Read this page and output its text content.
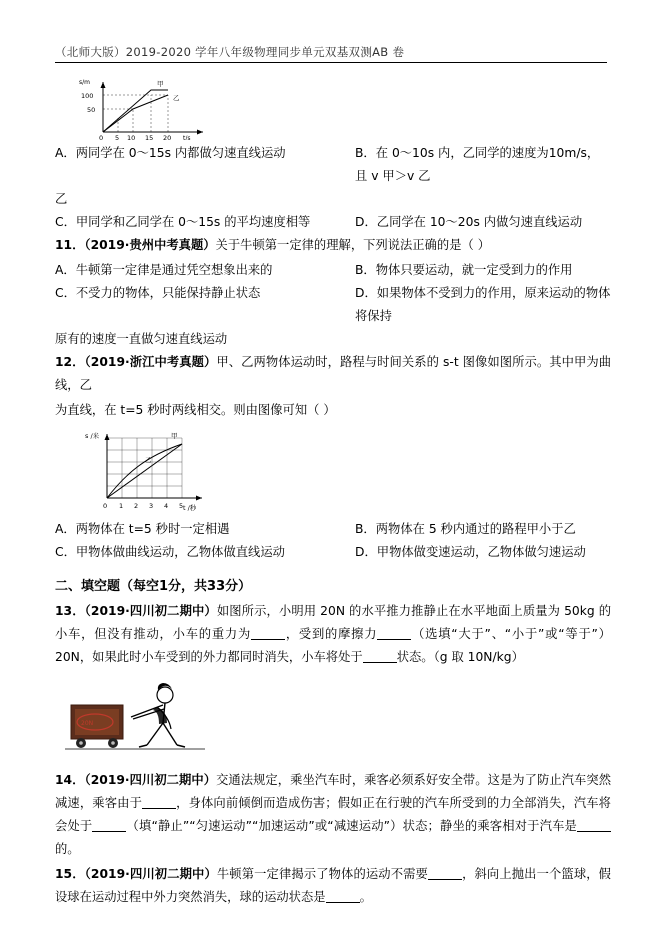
（北师大版）2019-2020 学年八年级物理同步单元双基双测AB 卷
s/m
100
50
0 5 10 15 20 t/s
甲
乙
A．两同学在 0～15s 内都做匀速直线运动	B．在 0～10s 内，乙同学的速度为10m/s，且 v 甲＞v 乙
乙
C．甲同学和乙同学在 0～15s 的平均速度相等	D．乙同学在 10～20s 内做匀速直线运动

11．（2019·贵州中考真题）关于牛顿第一定律的理解，下列说法正确的是（ ）

A．牛顿第一定律是通过凭空想象出来的	B．物体只要运动，就一定受到力的作用
C．不受力的物体，只能保持静止状态	D．如果物体不受到力的作用，原来运动的物体将保持
原有的速度一直做匀速直线运动

12．（2019·浙江中考真题）甲、乙两物体运动时，路程与时间关系的 s-t 图像如图所示。其中甲为曲线，乙

为直线，在 t=5 秒时两线相交。则由图像可知（ ）
s /米
t /秒
0 1 2 3 4 5
甲
乙
A．两物体在 t=5 秒时一定相遇	B．两物体在 5 秒内通过的路程甲小于乙
C．甲物体做曲线运动，乙物体做直线运动	D．甲物体做变速运动，乙物体做匀速运动
二、填空题（每空1分，共33分）

13．（2019·四川初二期中）如图所示，小明用 20N 的水平推力推静止在水平地面上质量为 50kg 的小车，但没有推动，小车的重力为	，受到的摩擦力	（选填“大于”、“小于”或“等于”）20N，如果此时小车受到的外力都同时消失，小车将处于	状态。（g 取 10N/kg）

20N

14．（2019·四川初二期中）交通法规定，乘坐汽车时，乘客必须系好安全带。这是为了防止汽车突然减速，乘客由于	，身体向前倾倒而造成伤害；假如正在行驶的汽车所受到的力全部消失，汽车将会处于	（填“静止”“匀速运动”“加速运动”或“减速运动”）状态；静坐的乘客相对于汽车是的。

15．（2019·四川初二期中）牛顿第一定律揭示了物体的运动不需要	，斜向上抛出一个篮球，假设球在运动过程中外力突然消失，球的运动状态是	。
